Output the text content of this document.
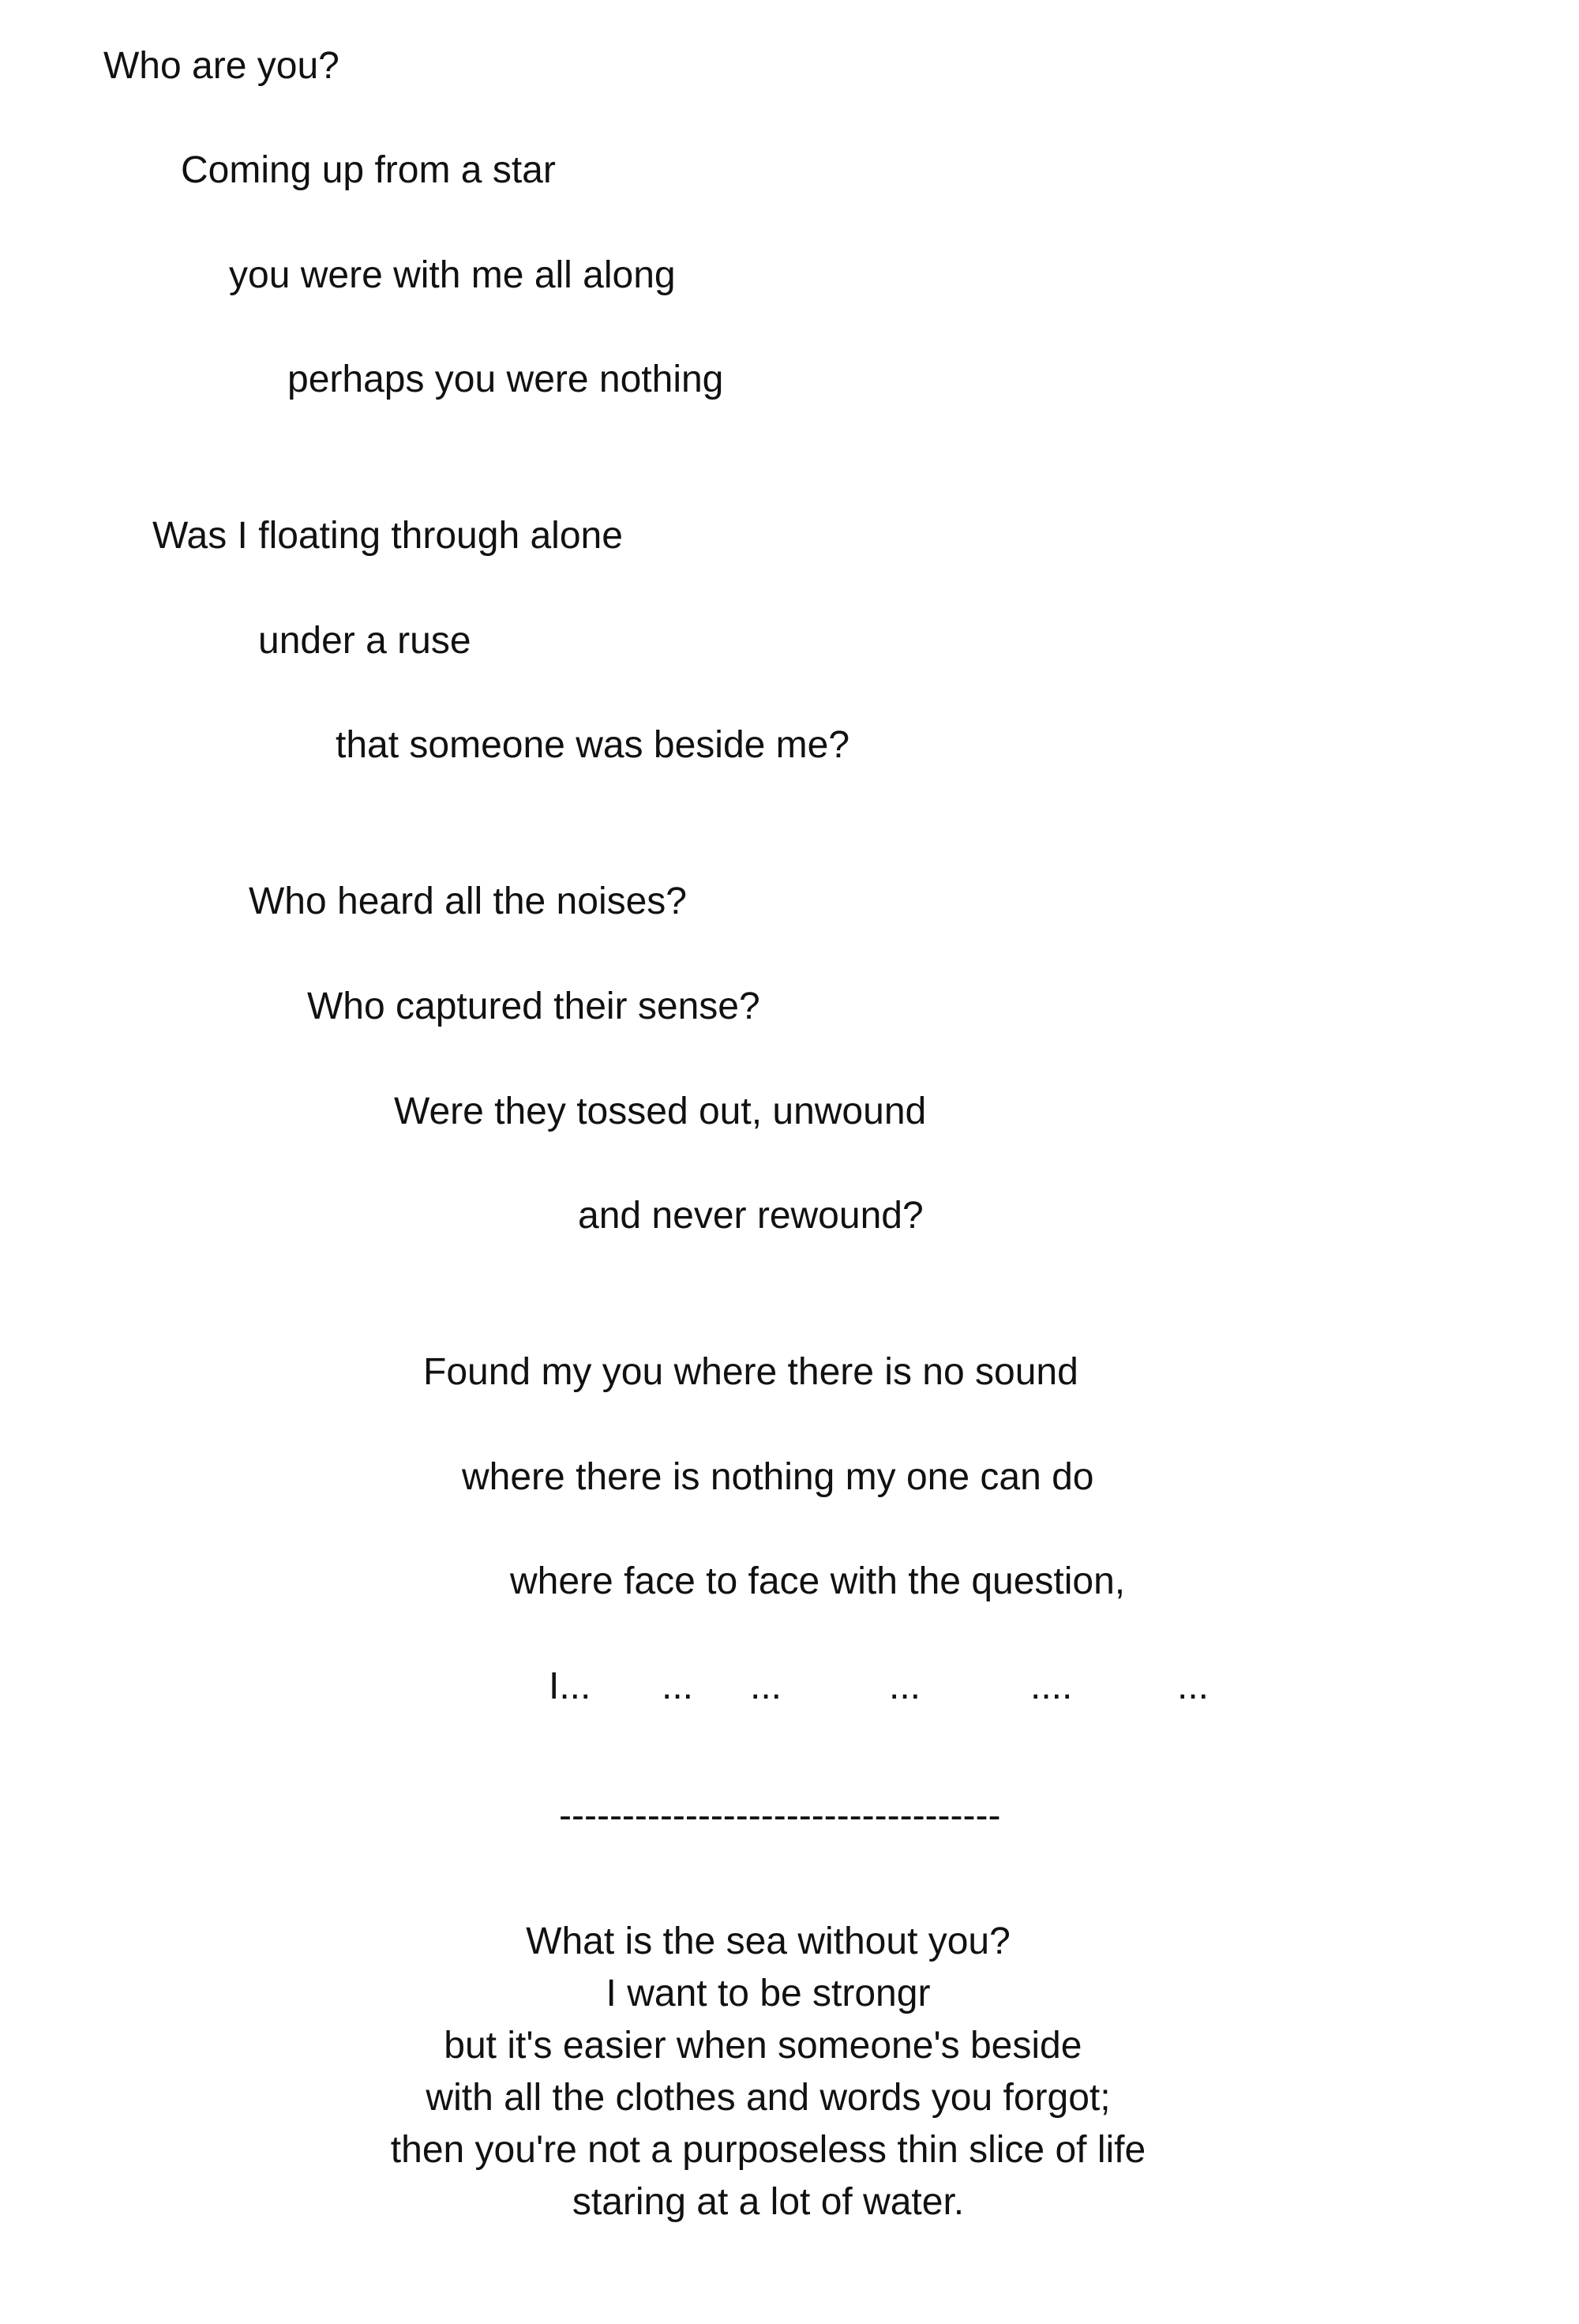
Who are you?
Coming up from a star
you were with me all along
perhaps you were nothing
Was I floating through alone
under a ruse
that someone was beside me?
Who heard all the noises?
Who captured their sense?
Were they tossed out, unwound
and never rewound?
Found my you where there is no sound
where there is nothing my one can do
where face to face with the question,
I... ... ...	...	....	...
-----------------------------------
What is the sea without you?
I want to be strongr
but it's easier when someone's beside
with all the clothes and words you forgot;
then you're not a purposeless thin slice of life
staring at a lot of water.
